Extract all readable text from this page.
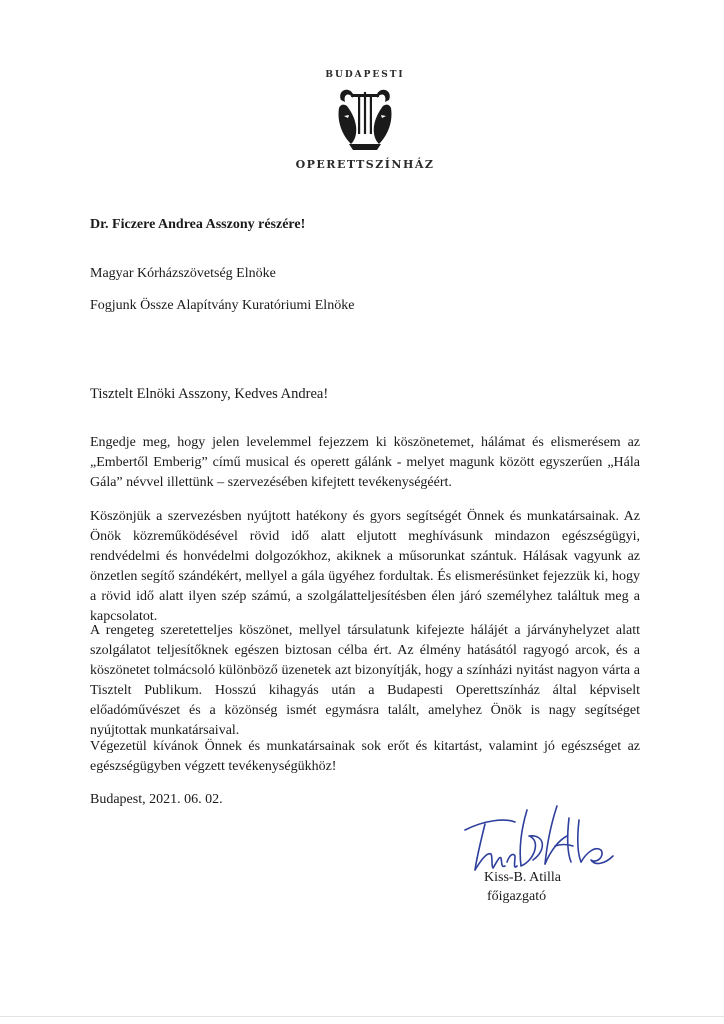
BUDAPESTI
OPERETTSZÍNHÁZ
Dr. Ficzere Andrea Asszony részére!
Magyar Kórházszövetség Elnöke
Fogjunk Össze Alapítvány Kuratóriumi Elnöke
Tisztelt Elnöki Asszony, Kedves Andrea!
Engedje meg, hogy jelen levelemmel fejezzem ki köszönetemet, hálámat és elismerésem az „Embertől Emberig” című musical és operett gálánk - melyet magunk között egyszerűen „Hála Gála” névvel illettünk – szervezésében kifejtett tevékenységéért.
Köszönjük a szervezésben nyújtott hatékony és gyors segítségét Önnek és munkatársainak. Az Önök közreműködésével rövid idő alatt eljutott meghívásunk mindazon egészségügyi, rendvédelmi és honvédelmi dolgozókhoz, akiknek a műsorunkat szántuk. Hálásak vagyunk az önzetlen segítő szándékért, mellyel a gála ügyéhez fordultak. És elismerésünket fejezzük ki, hogy a rövid idő alatt ilyen szép számú, a szolgálatteljesítésben élen járó személyhez találtuk meg a kapcsolatot.
A rengeteg szeretetteljes köszönet, mellyel társulatunk kifejezte hálájét a járványhelyzet alatt szolgálatot teljesítőknek egészen biztosan célba ért. Az élmény hatásától ragyogó arcok, és a köszönetet tolmácsoló különböző üzenetek azt bizonyítják, hogy a színházi nyitást nagyon várta a Tisztelt Publikum. Hosszú kihagyás után a Budapesti Operettszínház által képviselt előadóművészet és a közönség ismét egymásra talált, amelyhez Önök is nagy segítséget nyújtottak munkatársaival.
Végezetül kívánok Önnek és munkatársainak sok erőt és kitartást, valamint jó egészséget az egészségügyben végzett tevékenységükhöz!
Budapest, 2021. 06. 02.
Kiss-B. Atilla
főigazgató
